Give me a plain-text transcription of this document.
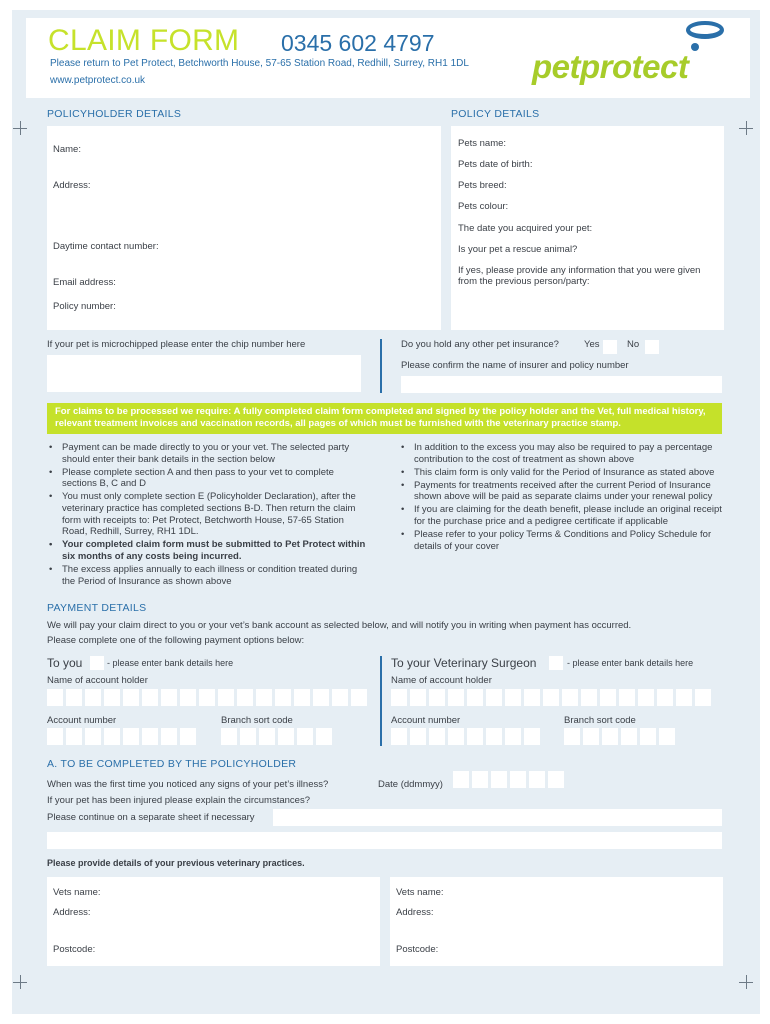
CLAIM FORM 0345 602 4797
Please return to Pet Protect, Betchworth House, 57-65 Station Road, Redhill, Surrey, RH1 1DL
www.petprotect.co.uk	petprotect
POLICYHOLDER DETAILS
Name:
Address:
Daytime contact number:
Email address:
Policy number:
POLICY DETAILS
Pets name:
Pets date of birth:
Pets breed:
Pets colour:
The date you acquired your pet:
Is your pet a rescue animal?
If yes, please provide any information that you were given from the previous person/party:
If your pet is microchipped please enter the chip number here	Do you hold any other pet insurance?	Yes	No
Please confirm the name of insurer and policy number
For claims to be processed we require: A fully completed claim form completed and signed by the policy holder and the Vet, full medical history, relevant treatment invoices and vaccination records, all pages of which must be furnished with the veterinary practice stamp.
• Payment can be made directly to you or your vet. The selected party should enter their bank details in the section below
• Please complete section A and then pass to your vet to complete sections B, C and D
• You must only complete section E (Policyholder Declaration), after the veterinary practice has completed sections B-D. Then return the claim form with receipts to: Pet Protect, Betchworth House, 57-65 Station Road, Redhill, Surrey, RH1 1DL.
• Your completed claim form must be submitted to Pet Protect within six months of any costs being incurred.
• The excess applies annually to each illness or condition treated during the Period of Insurance as shown above
• In addition to the excess you may also be required to pay a percentage contribution to the cost of treatment as shown above
• This claim form is only valid for the Period of Insurance as stated above
• Payments for treatments received after the current Period of Insurance shown above will be paid as separate claims under your renewal policy
• If you are claiming for the death benefit, please include an original receipt for the purchase price and a pedigree certificate if applicable
• Please refer to your policy Terms & Conditions and Policy Schedule for details of your cover
PAYMENT DETAILS
We will pay your claim direct to you or your vet’s bank account as selected below, and will notify you in writing when payment has occurred.
Please complete one of the following payment options below:
To you	- please enter bank details here
Name of account holder
Account number	Branch sort code
To your Veterinary Surgeon	- please enter bank details here
Name of account holder
Account number	Branch sort code
A. TO BE COMPLETED BY THE POLICYHOLDER
When was the first time you noticed any signs of your pet’s illness?	Date (ddmmyy)
If your pet has been injured please explain the circumstances?
Please continue on a separate sheet if necessary
Please provide details of your previous veterinary practices.
Vets name:
Address:
Postcode:
Vets name:
Address:
Postcode:
